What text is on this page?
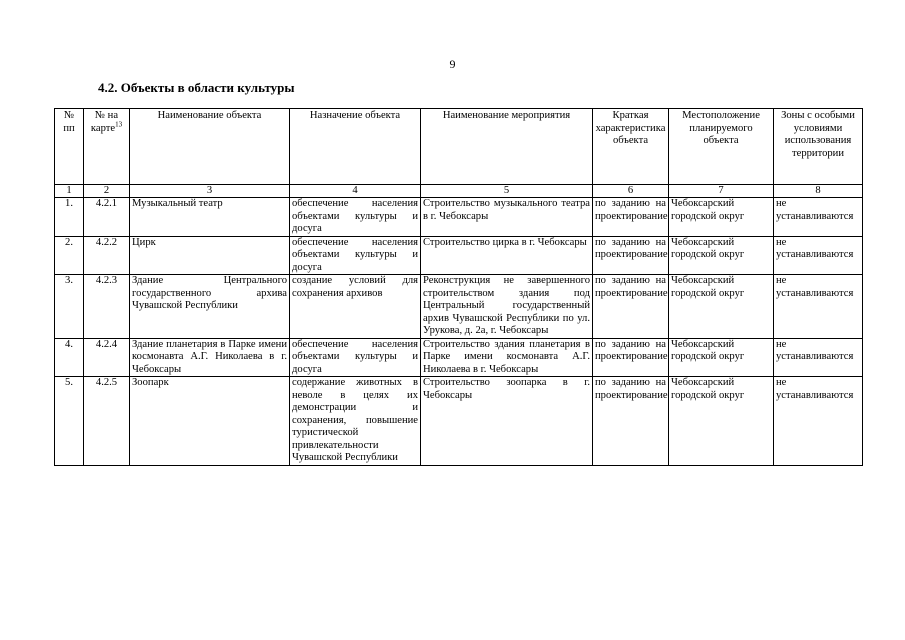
9
4.2. Объекты в области культуры
№ пп	№ на карте$^{13}$	Наименование объекта	Назначение объекта	Наименование мероприятия	Краткая характеристика объекта	Местоположение планируемого объекта	Зоны с особыми условиями использования территории
1	2	3	4	5	6	7	8
1.	4.2.1	Музыкальный театр	обеспечение населения объектами культуры и досуга	Строительство музыкального театра в г. Чебоксары	по заданию на проектирование	Чебоксарский городской округ	не устанавливаются
2.	4.2.2	Цирк	обеспечение населения объектами культуры и досуга	Строительство цирка в г. Чебоксары	по заданию на проектирование	Чебоксарский городской округ	не устанавливаются
3.	4.2.3	Здание Центрального государственного архива Чувашской Республики	создание условий для сохранения архивов	Реконструкция не завершенного строительством здания под Центральный государственный архив Чувашской Республики по ул. Урукова, д. 2а, г. Чебоксары	по заданию на проектирование	Чебоксарский городской округ	не устанавливаются
4.	4.2.4	Здание планетария в Парке имени космонавта А.Г. Николаева в г. Чебоксары	обеспечение населения объектами культуры и досуга	Строительство здания планетария в Парке имени космонавта А.Г. Николаева в г. Чебоксары	по заданию на проектирование	Чебоксарский городской округ	не устанавливаются
5.	4.2.5	Зоопарк	содержание животных в неволе в целях их демонстрации и сохранения, повышение туристической привлекательности Чувашской Республики	Строительство зоопарка в г. Чебоксары	по заданию на проектирование	Чебоксарский городской округ	не устанавливаются
